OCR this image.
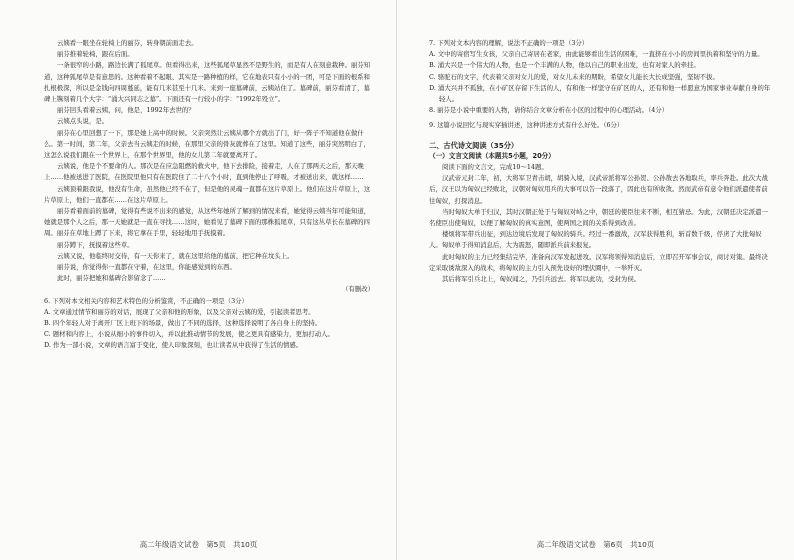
云姨看一眼坐在轮椅上的丽芬，转身朝前面走去。

丽芬推着轮椅，跟在后面。

一条很窄的小路，路边长满了狐尾草。但看得出来，这些狐尾草显然不是野生的，而是有人在刻意栽种。丽芬知道，这种狐尾草是有意思的。这种看着不起眼、其实是一路种植的样，它在地表只有小小的一团，可是下面的根系和扎根极深，所以是金钱向四周蔓延，能有几米甚至十几米。来到一座墓碑前，云姨站住了。墓碑前，丽芬看清了，墓碑上镌刻着几个大字：“涌大兴同志之墓”。下面还有一行较小的字：“1992年殁立”。

丽芬回头看着云姨，问，他是，1992年去世的？

云姨点头说，是。

丽芬在心里回想了一下，那是她上高中的时候。父亲突然让云姨从哪个方就出了门，好一阵子不知道他在做什么。第一时间，第二年，父亲去当云姨走的时候，在那里父亲的骨灰就葬在了这里。知道了这些，丽芬突然明白了，这怎么说我们跟在一个世界上，在那个世界里，他的女儿第二年就要离开了。

云姨说，他是个不要命的人。那次是在应急阻燃的救火中，他下去排险，接着走，人在了那两天之后，那天晚上……他被送进了医院，在医院里他只有在医院住了二十八个小时，直到他停止了呼吸，才被送出来，就这样……

云姨顶着跟我说，他没有生命，虽然他已经不在了，但是他的灵魂一直都在这片草原上。他们在这片草原上，这片草原上，他们一直都在……在这片草原上。

丽芬看着面前的墓碑，觉得有些说不出来的感觉，从这些年她所了解到的情况来看，她觉得云姨当年可能知道，她就是那个人之后，那一天她就是一直在寻找……这时，她看见了墓碑下面的那株狐尾草，只有这丛草长在墓碑的四周。丽芬在草地上蹲了下来，将它拿在手里，轻轻地用手抚摸着。

丽芬蹲下，抚摸着这些草。

云姨又说，他临终时交待，有一天你来了，就在这里给他的墓前，把它种在坟头上。

丽芬说，你觉得你一直都在守着，在这里，你能感觉到的东西。

此时，丽芬把她和墓碑合影留念了……

（有删改）

6. 下列对本文相关内容和艺术特色的分析鉴赏，不正确的一项是（3分）

A. 文章通过情节和丽芬的对话，展现了父亲和他的形象，以及父亲对云姨的爱，引起读者思考。

B. 四个年轻人对于离开厂区上班下的场景，做出了不同的选择，这种选择说明了各自身上的坚持。

C. 题材和内容上，小说从细小的事件切入，并以此推动情节的发展，使之更具有感染力，更加打动人。

D. 作为一部小说，文章的语言富于变化，使人印象深刻，也让读者从中获得了生活的情感。

高二年级语文试卷　第5页　共10页

7. 下列对文本内容的理解，说法不正确的一项是（3分）

A. 文中的寄宿写生女孩，父亲自己寄居在老家，由此能够看出生活的困难，一直挤在小小的房间里执着和坚守的力量。

B. 涌大兴是一个伟大的人物，也是一个丰满的人物，他以自己的职业出发，也有对家人的牵挂。

C. 骆驼石的文字，代表着父亲对女儿的爱，对女儿未来的期盼，希望女儿能长大长成坚强，坚韧不拔。

D. 涌大兴并不孤独，在小矿区存留下生活的人，有和他一样坚守在矿区的人，还有和他一样愿意为国家事业奉献自身的年轻人。

8. 丽芬是小说中重要的人物，请你结合文章分析在小区的过程中的心理活动。（4分）

9. 这篇小说回忆与现实穿插讲述，这种讲述方式有什么好处。（6分）

二、古代诗文阅读（35分）

（一）文言文阅读（本题共5小题，20分）

阅读下面的文言文，完成10～14题。

汉武帝元封二年，初，大将军卫青击胡，胡骑入境，汉武帝派将军公孙贺、公孙敖去各地取兵，率兵奔赴。此次大战后，汉王以为匈奴已经败北，汉朝对匈奴用兵的大事可以告一段落了，因此也有所收敛。然而武帝有意令他们派遣使者前往匈奴，打探消息。

当时匈奴大单于归汉，其时汉朝正处于与匈奴对峙之中，朝廷的使臣往来不断，相互猜忌。为此，汉朝廷决定派遣一名使臣出使匈奴，以便了解匈奴的真实意图，使两国之间的关系得到改善。

楼烦将军带兵出征，到达边境后发现了匈奴的骑兵。经过一番激战，汉军获得胜利，斩首数千级，俘虏了大批匈奴人。匈奴单于得知消息后，大为震怒，随即派兵前来报复。

此时匈奴的主力已经集结完毕，准备向汉军发起进攻。汉军将领得知消息后，立即召开军事会议，商讨对策。最终决定采取诱敌深入的战术，将匈奴的主力引入预先设好的埋伏圈中，一举歼灭。

其后将军引兵北上，匈奴闻之，乃引兵远去。将军以此功，受封为侯。

高二年级语文试卷　第6页　共10页
